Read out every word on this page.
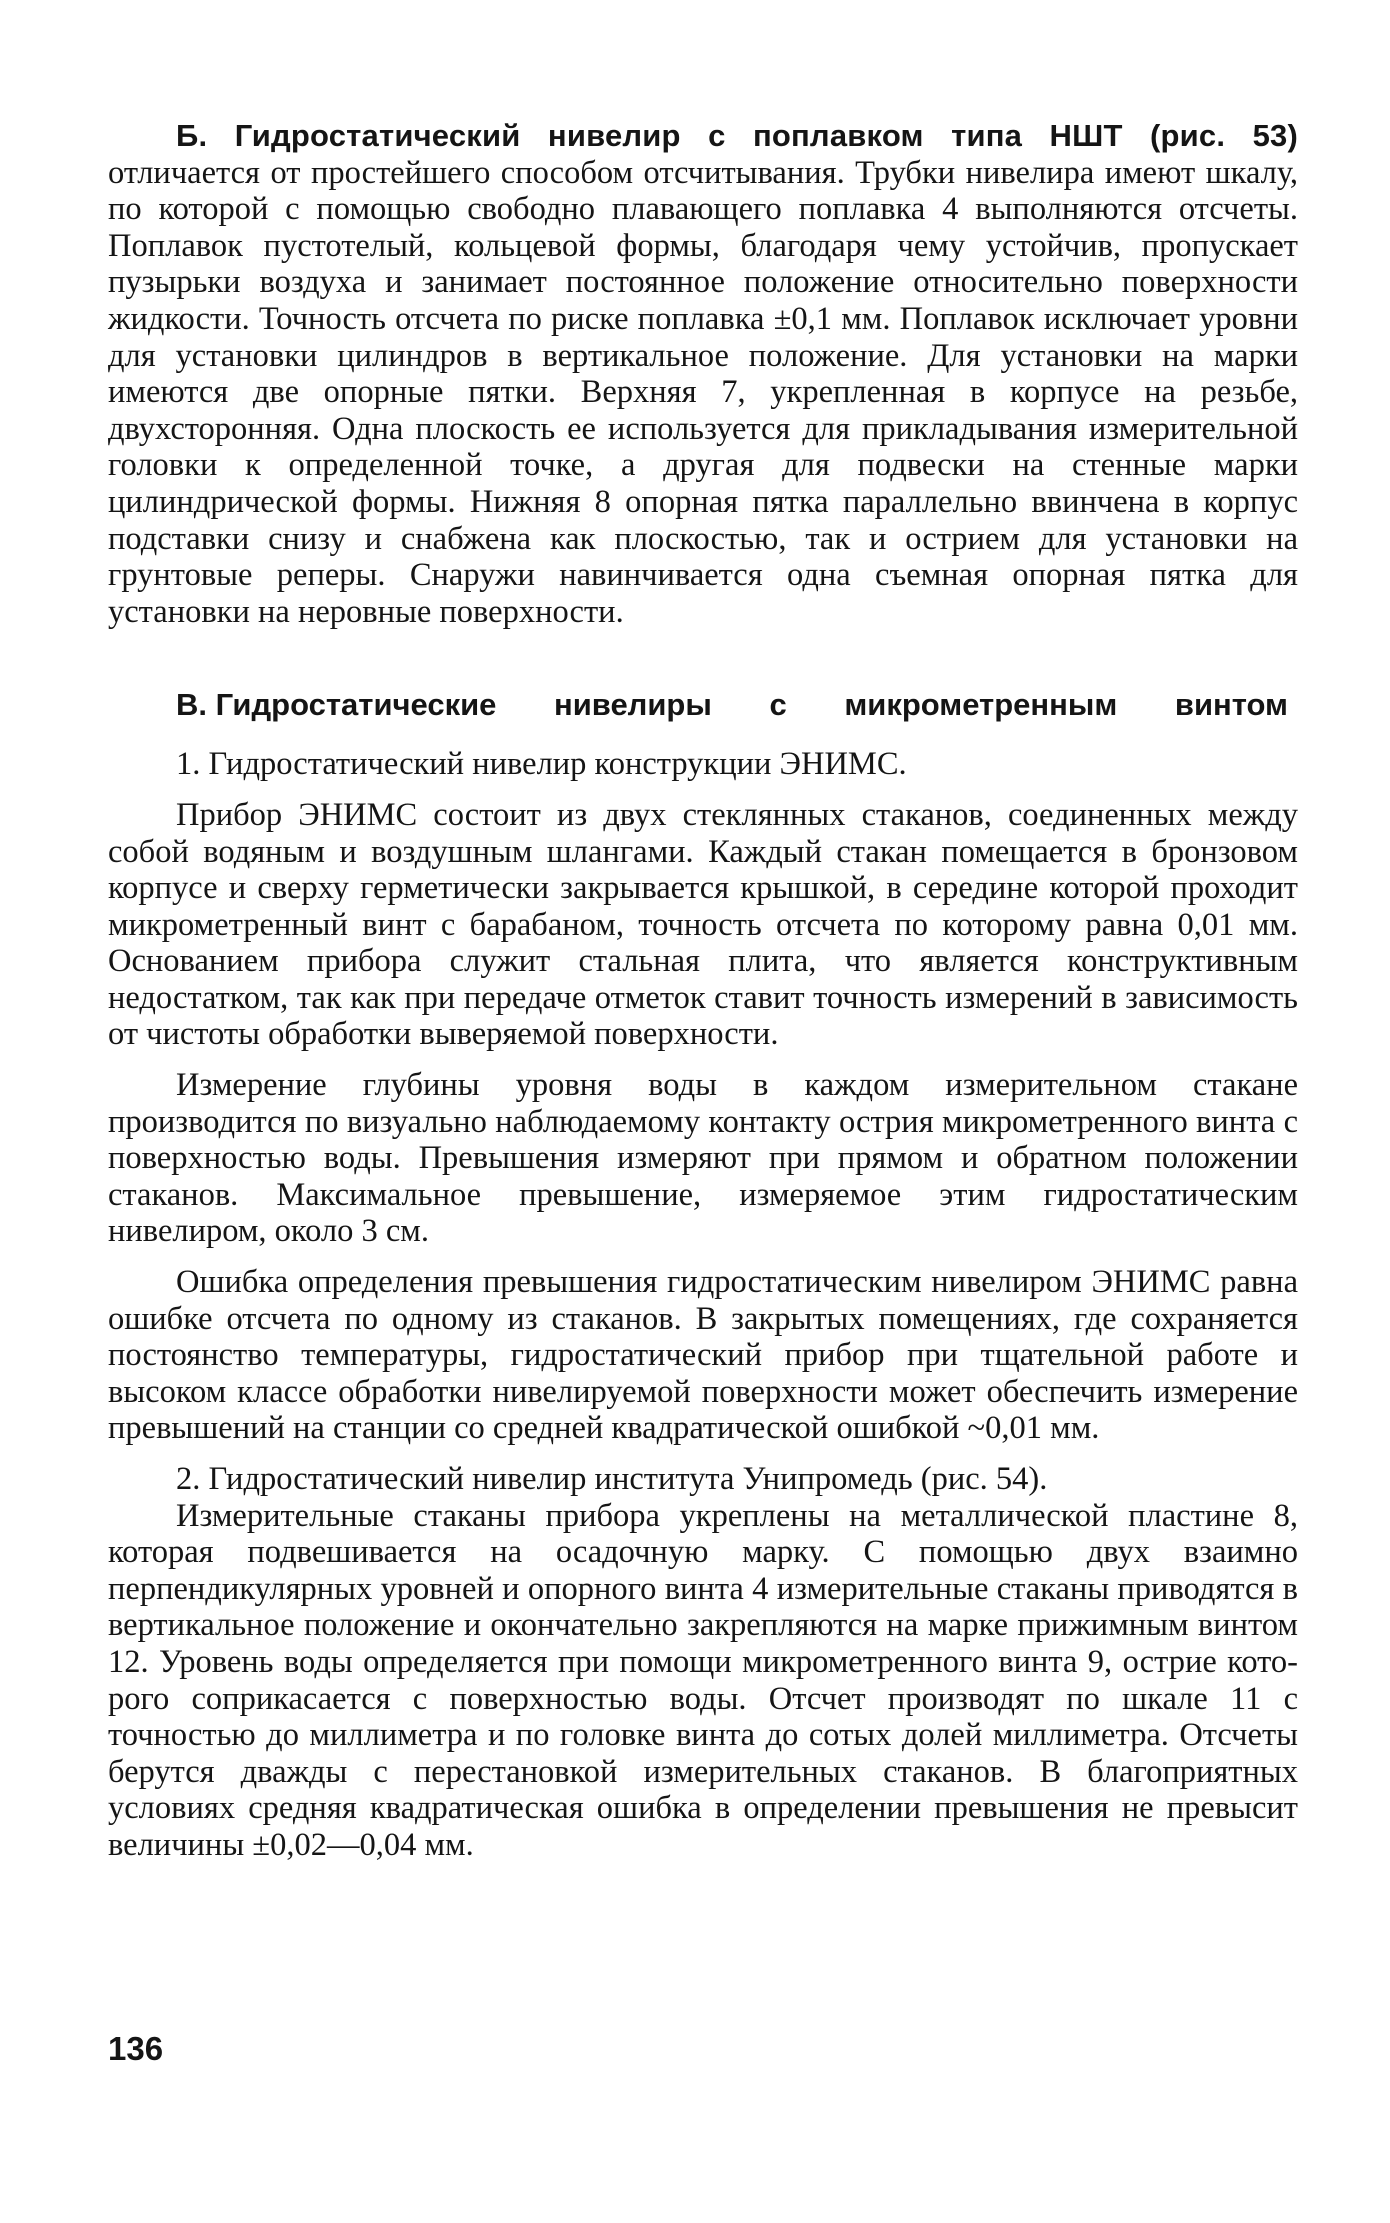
Б. Гидростатический нивелир с поплавком типа НШТ (рис. 53) отличается от простейшего способом отсчитывания. Трубки нивелира имеют шкалу, по которой с помощью свободно плавающего поплавка 4 выполняются отсчеты. Поплавок пустотелый, кольцевой формы, благодаря чему устойчив, пропускает пузырьки воздуха и занимает постоянное положение относительно поверхности жидкости. Точность отсчета по риске поплавка ±0,1 мм. Поплавок исключает уровни для установки цилиндров в вертикальное положение. Для установки на марки имеются две опорные пятки. Верхняя 7, укрепленная в корпусе на резьбе, двухсторонняя. Одна плоскость ее используется для прикладывания измерительной головки к определенной точке, а другая для подвески на стенные марки цилиндрической формы. Нижняя 8 опорная пятка параллельно ввинчена в корпус подставки снизу и снабжена как плоскостью, так и острием для установки на грунтовые реперы. Снаружи навинчивается одна съемная опорная пятка для установки на неровные поверхности.

В. Гидростатические нивелиры с микрометренным винтом

1. Гидростатический нивелир конструкции ЭНИМС.

Прибор ЭНИМС состоит из двух стеклянных стаканов, соединенных между собой водяным и воздушным шлангами. Каждый стакан помещается в бронзовом корпусе и сверху герметически закрывается крышкой, в середине которой проходит микрометренный винт с барабаном, точность отсчета по которому равна 0,01 мм. Основанием прибора служит стальная плита, что является конструктивным недостатком, так как при передаче отметок ставит точность измерений в зависимость от чистоты обработки выверяемой поверхности.

Измерение глубины уровня воды в каждом измерительном стакане производится по визуально наблюдаемому контакту острия микрометренного винта с поверхностью воды. Превышения измеряют при прямом и обратном положении стаканов. Максимальное превышение, измеряемое этим гидростатическим нивелиром, около 3 см.

Ошибка определения превышения гидростатическим нивелиром ЭНИМС равна ошибке отсчета по одному из стаканов. В закрытых помещениях, где сохраняется постоянство температуры, гидростатический прибор при тщательной работе и высоком классе обработки нивелируемой поверхности может обеспечить измерение превышений на станции со средней квадратической ошибкой ~0,01 мм.

2. Гидростатический нивелир института Унипромедь (рис. 54).

Измерительные стаканы прибора укреплены на металлической пластине 8, которая подвешивается на осадочную марку. С помощью двух взаимно перпендикулярных уровней и опорного винта 4 измерительные стаканы приводятся в вертикальное положение и окончательно закрепляются на марке прижимным винтом 12. Уровень воды определяется при помощи микрометренного винта 9, острие которого соприкасается с поверхностью воды. Отсчет производят по шкале 11 с точностью до миллиметра и по головке винта до сотых долей миллиметра. Отсчеты берутся дважды с перестановкой измерительных стаканов. В благоприятных условиях средняя квадратическая ошибка в определении превышения не превысит величины ±0,02—0,04 мм.

136
